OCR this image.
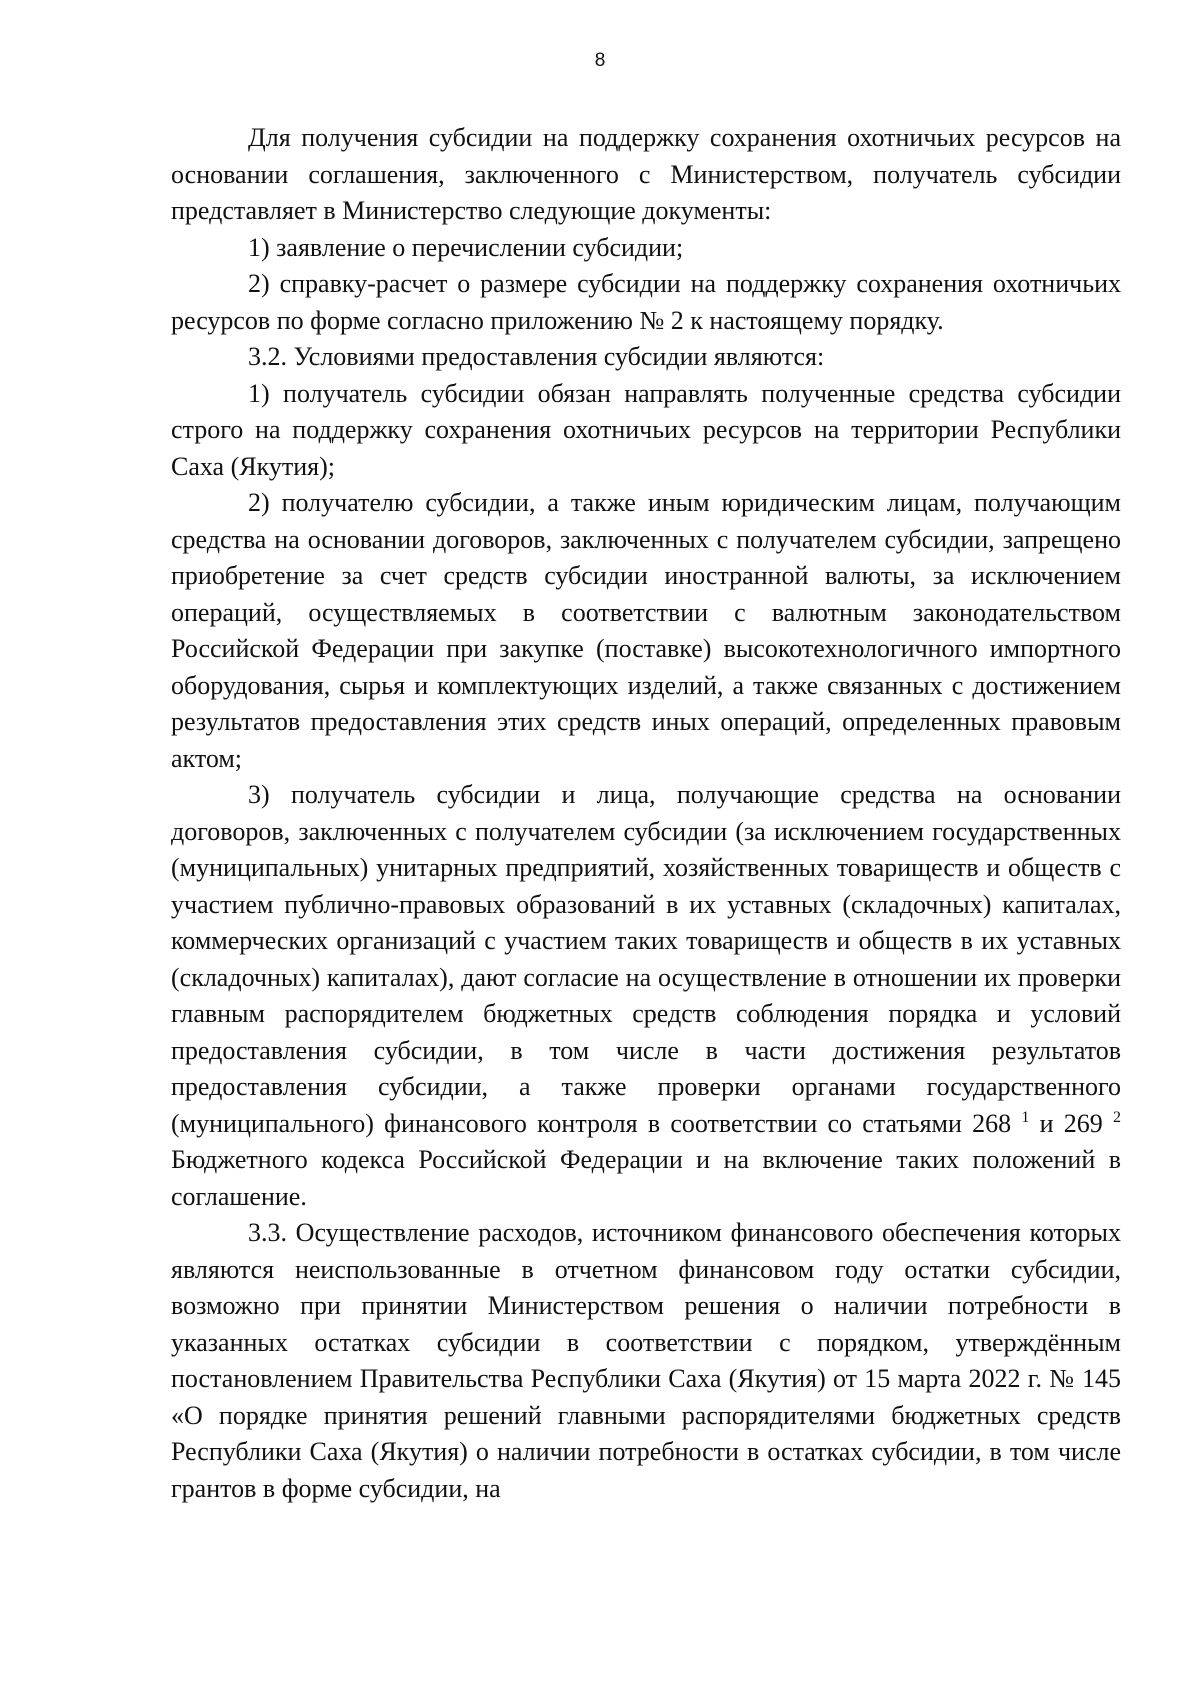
8

Для получения субсидии на поддержку сохранения охотничьих ресурсов на основании соглашения, заключенного с Министерством, получатель субсидии представляет в Министерство следующие документы:

1) заявление о перечислении субсидии;

2) справку-расчет о размере субсидии на поддержку сохранения охотничьих ресурсов по форме согласно приложению № 2 к настоящему порядку.

3.2. Условиями предоставления субсидии являются:

1) получатель субсидии обязан направлять полученные средства субсидии строго на поддержку сохранения охотничьих ресурсов на территории Республики Саха (Якутия);

2) получателю субсидии, а также иным юридическим лицам, получающим средства на основании договоров, заключенных с получателем субсидии, запрещено приобретение за счет средств субсидии иностранной валюты, за исключением операций, осуществляемых в соответствии с валютным законодательством Российской Федерации при закупке (поставке) высокотехнологичного импортного оборудования, сырья и комплектующих изделий, а также связанных с достижением результатов предоставления этих средств иных операций, определенных правовым актом;

3) получатель субсидии и лица, получающие средства на основании договоров, заключенных с получателем субсидии (за исключением государственных (муниципальных) унитарных предприятий, хозяйственных товариществ и обществ с участием публично-правовых образований в их уставных (складочных) капиталах, коммерческих организаций с участием таких товариществ и обществ в их уставных (складочных) капиталах), дают согласие на осуществление в отношении их проверки главным распорядителем бюджетных средств соблюдения порядка и условий предоставления субсидии, в том числе в части достижения результатов предоставления субсидии, а также проверки органами государственного (муниципального) финансового контроля в соответствии со статьями 268 $^1$ и 269 $^2$ Бюджетного кодекса Российской Федерации и на включение таких положений в соглашение.

3.3. Осуществление расходов, источником финансового обеспечения которых являются неиспользованные в отчетном финансовом году остатки субсидии, возможно при принятии Министерством решения о наличии потребности в указанных остатках субсидии в соответствии с порядком, утверждённым постановлением Правительства Республики Саха (Якутия) от 15 марта 2022 г. № 145 «О порядке принятия решений главными распорядителями бюджетных средств Республики Саха (Якутия) о наличии потребности в остатках субсидии, в том числе грантов в форме субсидии, на
